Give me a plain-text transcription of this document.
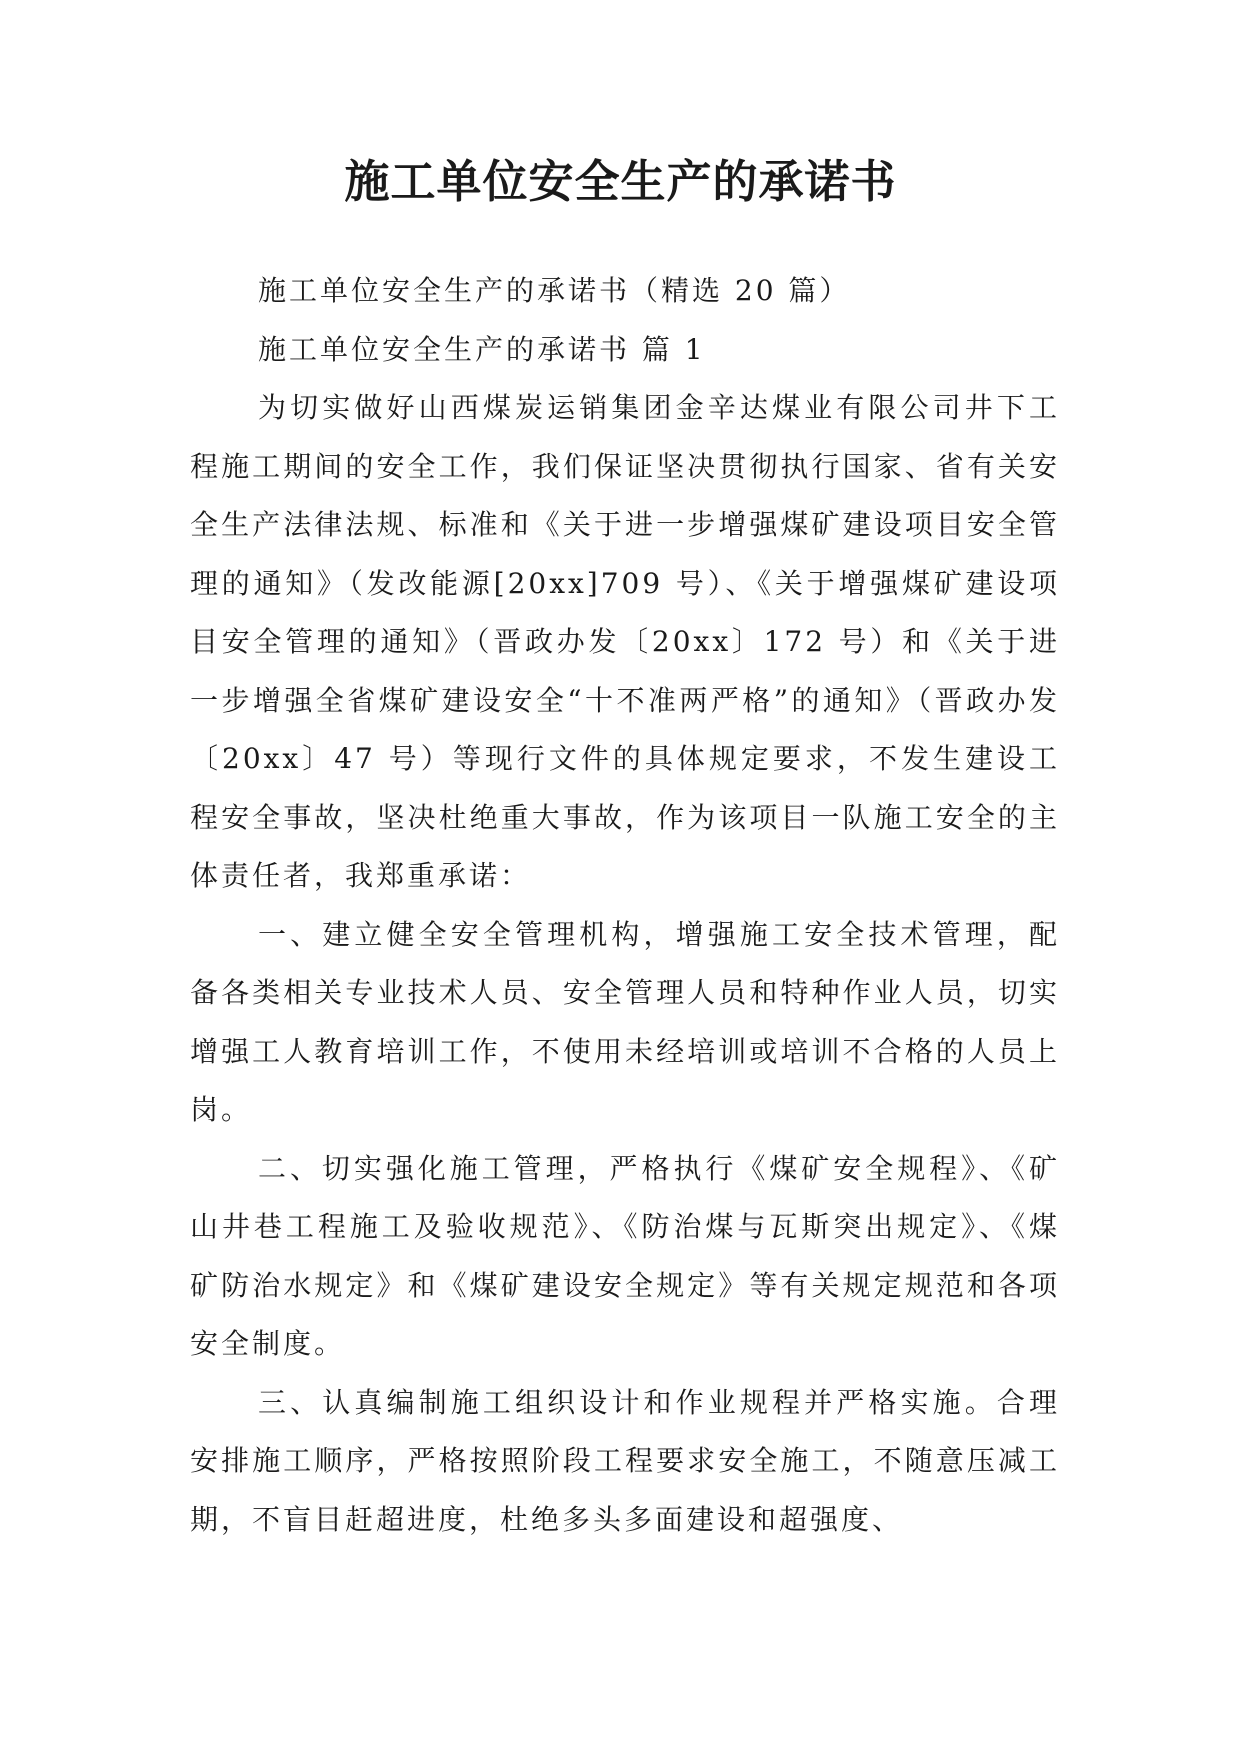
施工单位安全生产的承诺书

施工单位安全生产的承诺书（精选 20 篇）

施工单位安全生产的承诺书 篇 1

为切实做好山西煤炭运销集团金辛达煤业有限公司井下工程施工期间的安全工作，我们保证坚决贯彻执行国家、省有关安全生产法律法规、标准和《关于进一步增强煤矿建设项目安全管理的通知》（发改能源[20xx]709 号）、《关于增强煤矿建设项目安全管理的通知》（晋政办发〔20xx〕172 号）和《关于进一步增强全省煤矿建设安全“十不准两严格”的通知》（晋政办发〔20xx〕47 号）等现行文件的具体规定要求，不发生建设工程安全事故，坚决杜绝重大事故，作为该项目一队施工安全的主体责任者，我郑重承诺：

一、建立健全安全管理机构，增强施工安全技术管理，配备各类相关专业技术人员、安全管理人员和特种作业人员，切实增强工人教育培训工作，不使用未经培训或培训不合格的人员上岗。

二、切实强化施工管理，严格执行《煤矿安全规程》、《矿山井巷工程施工及验收规范》、《防治煤与瓦斯突出规定》、《煤矿防治水规定》和《煤矿建设安全规定》等有关规定规范和各项安全制度。

三、认真编制施工组织设计和作业规程并严格实施。合理安排施工顺序，严格按照阶段工程要求安全施工，不随意压减工期，不盲目赶超进度，杜绝多头多面建设和超强度、
